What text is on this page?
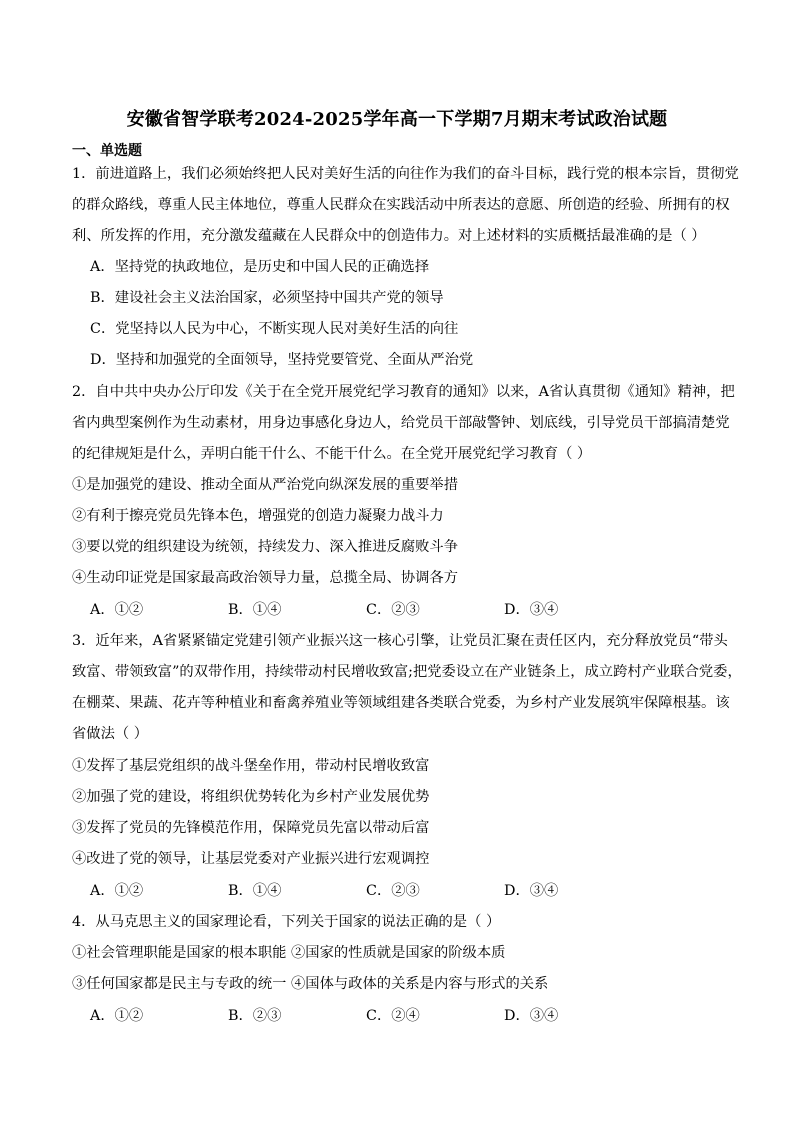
安徽省智学联考2024-2025学年高一下学期7月期末考试政治试题
一、单选题
1．前进道路上，我们必须始终把人民对美好生活的向往作为我们的奋斗目标，践行党的根本宗旨，贯彻党
的群众路线，尊重人民主体地位，尊重人民群众在实践活动中所表达的意愿、所创造的经验、所拥有的权
利、所发挥的作用，充分激发蕴藏在人民群众中的创造伟力。对上述材料的实质概括最准确的是（ ）
A．坚持党的执政地位，是历史和中国人民的正确选择
B．建设社会主义法治国家，必须坚持中国共产党的领导
C．党坚持以人民为中心，不断实现人民对美好生活的向往
D．坚持和加强党的全面领导，坚持党要管党、全面从严治党
2．自中共中央办公厅印发《关于在全党开展党纪学习教育的通知》以来，A省认真贯彻《通知》精神，把
省内典型案例作为生动素材，用身边事感化身边人，给党员干部敲警钟、划底线，引导党员干部搞清楚党
的纪律规矩是什么，弄明白能干什么、不能干什么。在全党开展党纪学习教育（ ）
①是加强党的建设、推动全面从严治党向纵深发展的重要举措
②有利于擦亮党员先锋本色，增强党的创造力凝聚力战斗力
③要以党的组织建设为统领，持续发力、深入推进反腐败斗争
④生动印证党是国家最高政治领导力量，总揽全局、协调各方
A．①②	B．①④	C．②③	D．③④
3．近年来，A省紧紧锚定党建引领产业振兴这一核心引擎，让党员汇聚在责任区内，充分释放党员“带头
致富、带领致富”的双带作用，持续带动村民增收致富;把党委设立在产业链条上，成立跨村产业联合党委，
在棚菜、果蔬、花卉等种植业和畜禽养殖业等领域组建各类联合党委，为乡村产业发展筑牢保障根基。该
省做法（ ）
①发挥了基层党组织的战斗堡垒作用，带动村民增收致富
②加强了党的建设，将组织优势转化为乡村产业发展优势
③发挥了党员的先锋模范作用，保障党员先富以带动后富
④改进了党的领导，让基层党委对产业振兴进行宏观调控
A．①②	B．①④	C．②③	D．③④
4．从马克思主义的国家理论看，下列关于国家的说法正确的是（ ）
①社会管理职能是国家的根本职能 ②国家的性质就是国家的阶级本质
③任何国家都是民主与专政的统一 ④国体与政体的关系是内容与形式的关系
A．①②	B．②③	C．②④	D．③④
